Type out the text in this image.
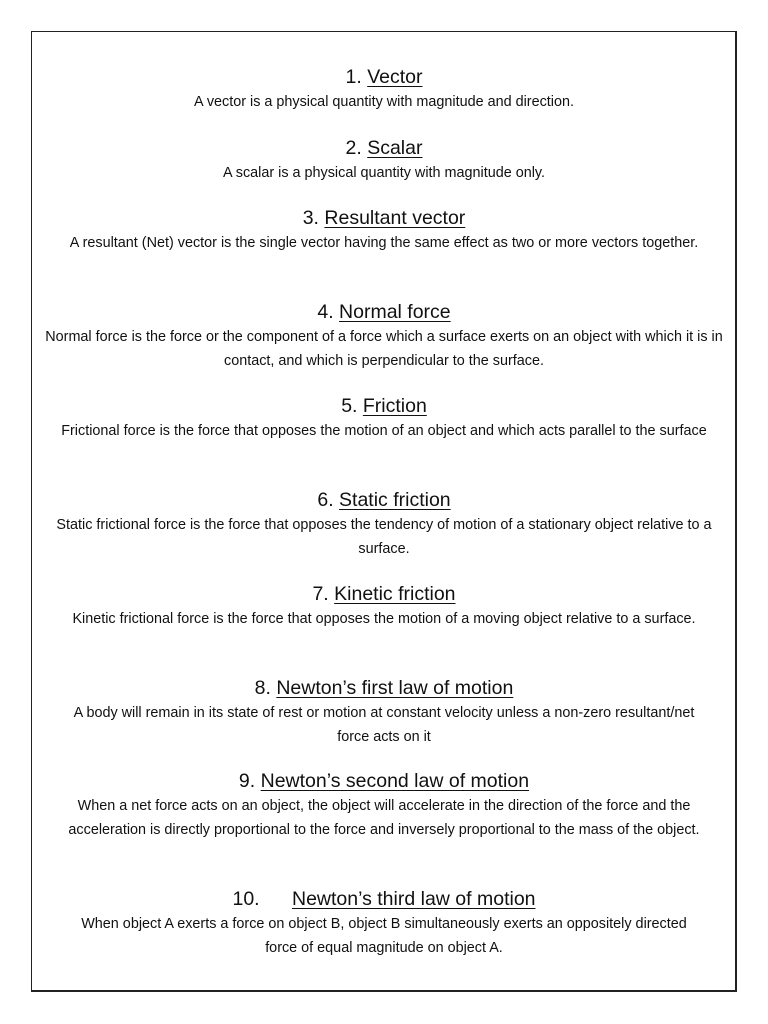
1. Vector
A vector is a physical quantity with magnitude and direction.
2. Scalar
A scalar is a physical quantity with magnitude only.
3. Resultant vector
A resultant (Net) vector is the single vector having the same effect as two or more vectors together.
4. Normal force
Normal force is the force or the component of a force which a surface exerts on an object with which it is in contact, and which is perpendicular to the surface.
5. Friction
Frictional force is the force that opposes the motion of an object and which acts parallel to the surface
6. Static friction
Static frictional force is the force that opposes the tendency of motion of a stationary object relative to a surface.
7. Kinetic friction
Kinetic frictional force is the force that opposes the motion of a moving object relative to a surface.
8. Newton’s first law of motion
A body will remain in its state of rest or motion at constant velocity unless a non-zero resultant/net force acts on it
9. Newton’s second law of motion
When a net force acts on an object, the object will accelerate in the direction of the force and the acceleration is directly proportional to the force and inversely proportional to the mass of the object.
10. Newton’s third law of motion
When object A exerts a force on object B, object B simultaneously exerts an oppositely directed force of equal magnitude on object A.
